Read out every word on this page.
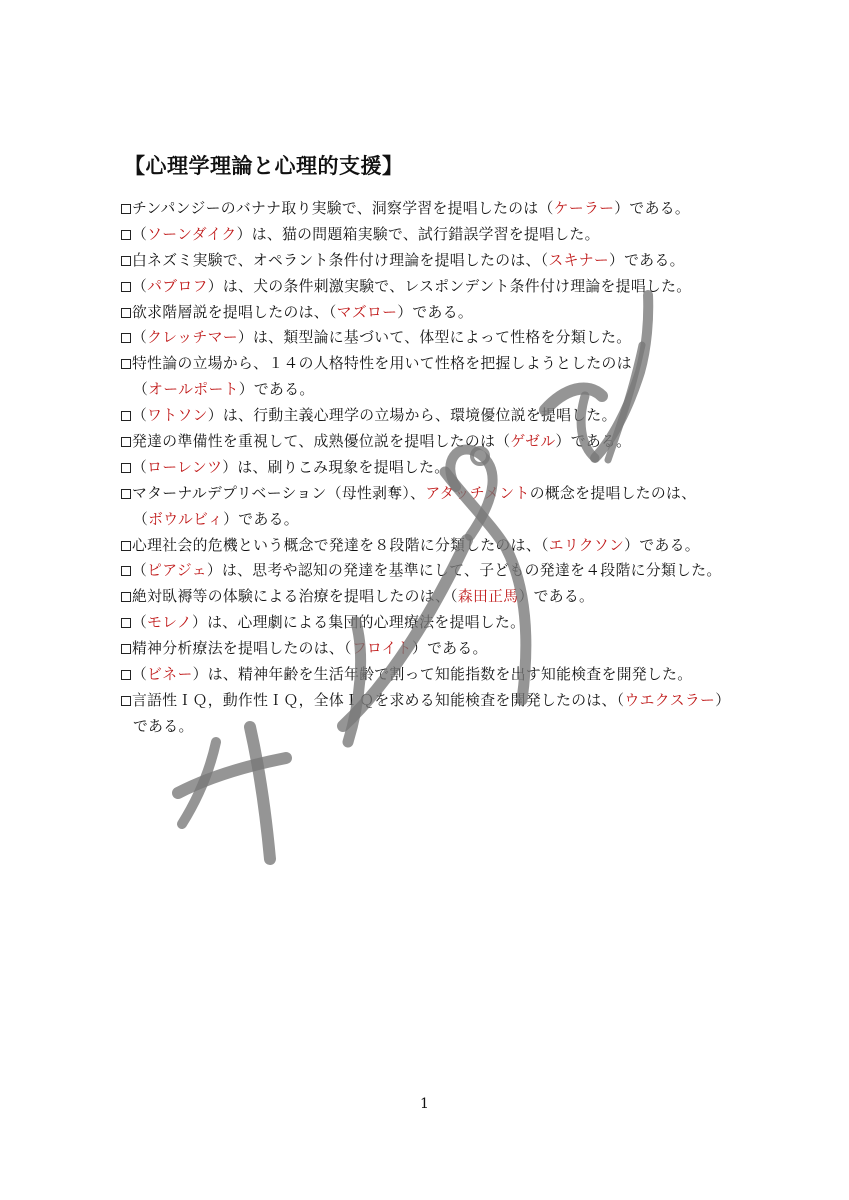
【心理学理論と心理的支援】
チンパンジーのバナナ取り実験で、洞察学習を提唱したのは（ケーラー）である。
（ソーンダイク）は、猫の問題箱実験で、試行錯誤学習を提唱した。
白ネズミ実験で、オペラント条件付け理論を提唱したのは、（スキナー）である。
（パブロフ）は、犬の条件刺激実験で、レスポンデント条件付け理論を提唱した。
欲求階層説を提唱したのは、（マズロー）である。
（クレッチマー）は、類型論に基づいて、体型によって性格を分類した。
特性論の立場から、１４の人格特性を用いて性格を把握しようとしたのは
（オールポート）である。
（ワトソン）は、行動主義心理学の立場から、環境優位説を提唱した。
発達の準備性を重視して、成熟優位説を提唱したのは（ゲゼル）である。
（ローレンツ）は、刷りこみ現象を提唱した。
マターナルデプリベーション（母性剥奪）、アタッチメントの概念を提唱したのは、
（ボウルビィ）である。
心理社会的危機という概念で発達を８段階に分類したのは、（エリクソン）である。
（ピアジェ）は、思考や認知の発達を基準にして、子どもの発達を４段階に分類した。
絶対臥褥等の体験による治療を提唱したのは、（森田正馬）である。
（モレノ）は、心理劇による集団的心理療法を提唱した。
精神分析療法を提唱したのは、（フロイト）である。
（ビネー）は、精神年齢を生活年齢で割って知能指数を出す知能検査を開発した。
言語性ＩＱ，動作性ＩＱ，全体ＩＱを求める知能検査を開発したのは、（ウエクスラー）
である。
1
